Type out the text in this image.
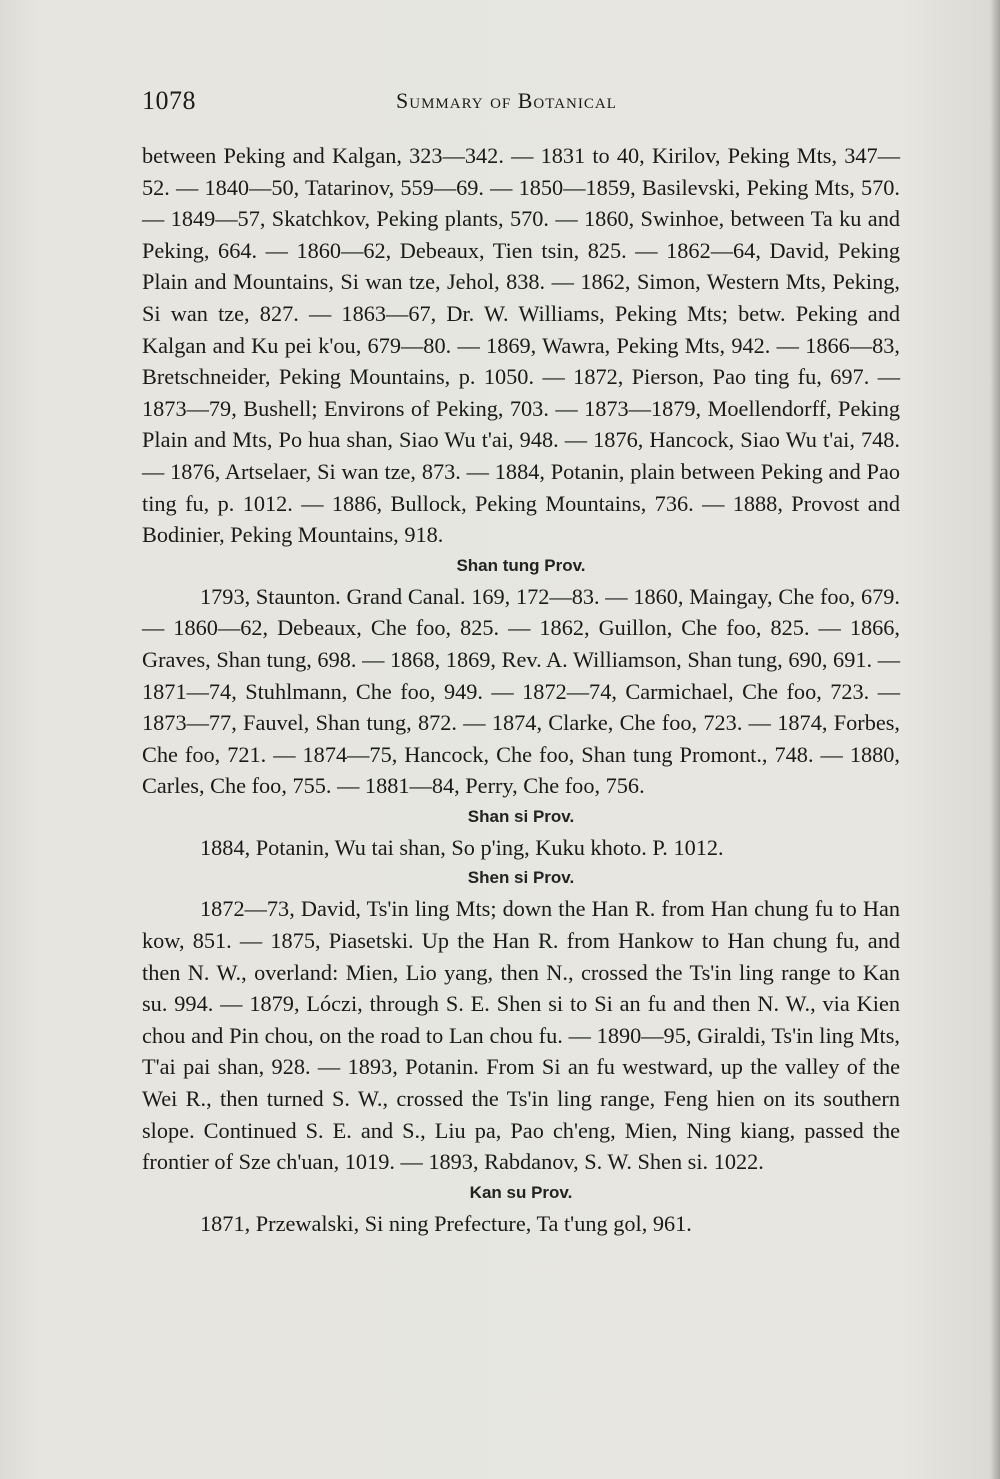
1078	Summary of Botanical

between Peking and Kalgan, 323—342. — 1831 to 40, Kirilov, Peking Mts, 347—52. — 1840—50, Tatarinov, 559—69. — 1850—1859, Basilevski, Peking Mts, 570. — 1849—57, Skatchkov, Peking plants, 570. — 1860, Swinhoe, between Ta ku and Peking, 664. — 1860—62, Debeaux, Tien tsin, 825. — 1862—64, David, Peking Plain and Mountains, Si wan tze, Jehol, 838. — 1862, Simon, Western Mts, Peking, Si wan tze, 827. — 1863—67, Dr. W. Williams, Peking Mts; betw. Peking and Kalgan and Ku pei k'ou, 679—80. — 1869, Wawra, Peking Mts, 942. — 1866—83, Bretschneider, Peking Mountains, p. 1050. — 1872, Pierson, Pao ting fu, 697. — 1873—79, Bushell; Environs of Peking, 703. — 1873—1879, Moellendorff, Peking Plain and Mts, Po hua shan, Siao Wu t'ai, 948. — 1876, Hancock, Siao Wu t'ai, 748. — 1876, Artselaer, Si wan tze, 873. — 1884, Potanin, plain between Peking and Pao ting fu, p. 1012. — 1886, Bullock, Peking Mountains, 736. — 1888, Provost and Bodinier, Peking Mountains, 918.

Shan tung Prov.

1793, Staunton. Grand Canal. 169, 172—83. — 1860, Maingay, Che foo, 679. — 1860—62, Debeaux, Che foo, 825. — 1862, Guillon, Che foo, 825. — 1866, Graves, Shan tung, 698. — 1868, 1869, Rev. A. Williamson, Shan tung, 690, 691. — 1871—74, Stuhlmann, Che foo, 949. — 1872—74, Carmichael, Che foo, 723. — 1873—77, Fauvel, Shan tung, 872. — 1874, Clarke, Che foo, 723. — 1874, Forbes, Che foo, 721. — 1874—75, Hancock, Che foo, Shan tung Promont., 748. — 1880, Carles, Che foo, 755. — 1881—84, Perry, Che foo, 756.

Shan si Prov.

1884, Potanin, Wu tai shan, So p'ing, Kuku khoto. P. 1012.

Shen si Prov.

1872—73, David, Ts'in ling Mts; down the Han R. from Han chung fu to Han kow, 851. — 1875, Piasetski. Up the Han R. from Hankow to Han chung fu, and then N. W., overland: Mien, Lio yang, then N., crossed the Ts'in ling range to Kan su. 994. — 1879, Lóczi, through S. E. Shen si to Si an fu and then N. W., via Kien chou and Pin chou, on the road to Lan chou fu. — 1890—95, Giraldi, Ts'in ling Mts, T'ai pai shan, 928. — 1893, Potanin. From Si an fu westward, up the valley of the Wei R., then turned S. W., crossed the Ts'in ling range, Feng hien on its southern slope. Continued S. E. and S., Liu pa, Pao ch'eng, Mien, Ning kiang, passed the frontier of Sze ch'uan, 1019. — 1893, Rabdanov, S. W. Shen si. 1022.

Kan su Prov.

1871, Przewalski, Si ning Prefecture, Ta t'ung gol, 961.
